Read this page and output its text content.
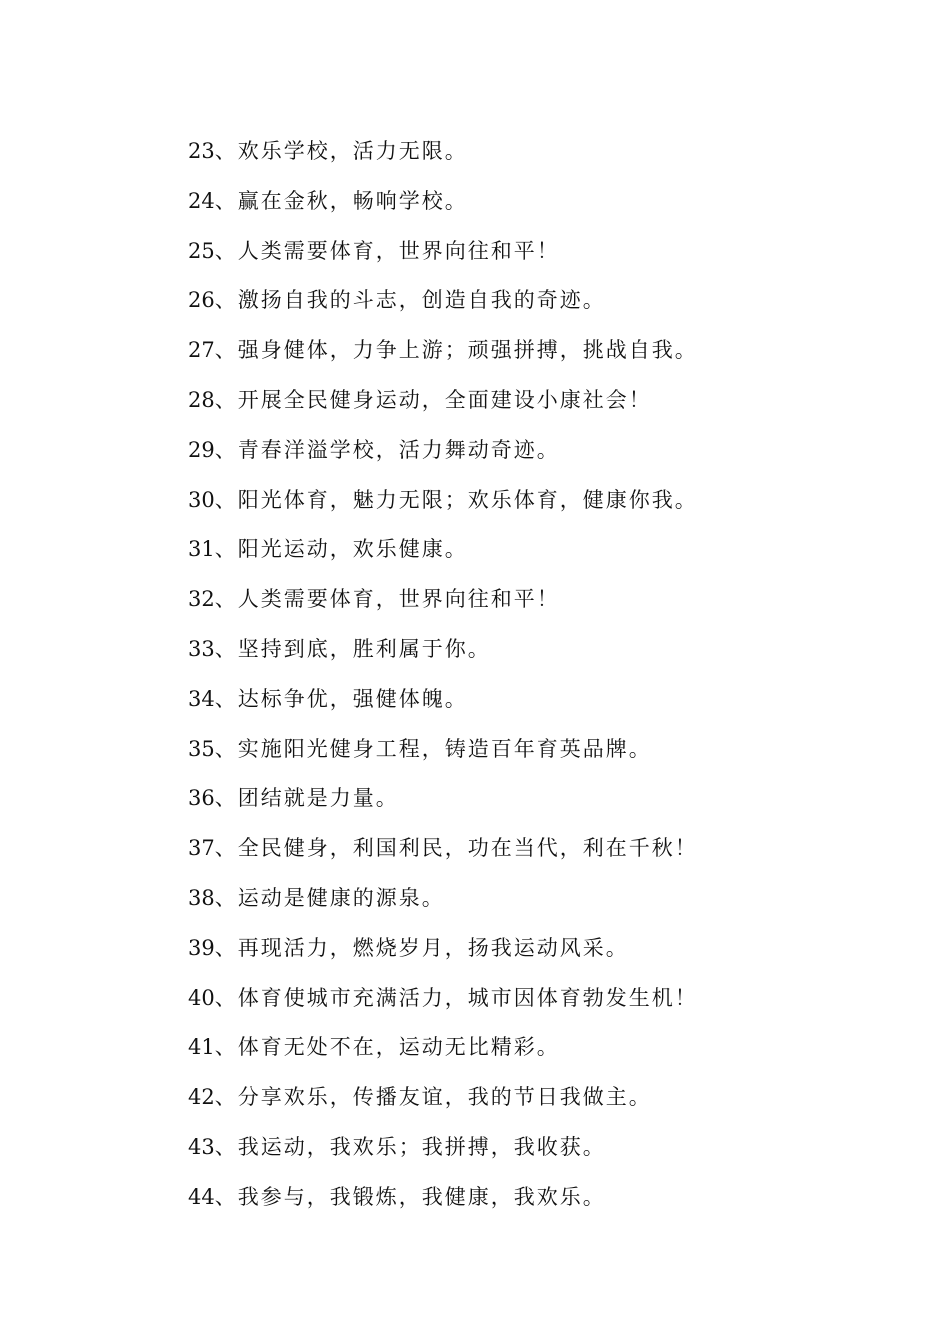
23、欢乐学校，活力无限。
24、赢在金秋，畅响学校。
25、人类需要体育，世界向往和平！
26、激扬自我的斗志，创造自我的奇迹。
27、强身健体，力争上游；顽强拼搏，挑战自我。
28、开展全民健身运动，全面建设小康社会！
29、青春洋溢学校，活力舞动奇迹。
30、阳光体育，魅力无限；欢乐体育，健康你我。
31、阳光运动，欢乐健康。
32、人类需要体育，世界向往和平！
33、坚持到底，胜利属于你。
34、达标争优，强健体魄。
35、实施阳光健身工程，铸造百年育英品牌。
36、团结就是力量。
37、全民健身，利国利民，功在当代，利在千秋！
38、运动是健康的源泉。
39、再现活力，燃烧岁月，扬我运动风采。
40、体育使城市充满活力，城市因体育勃发生机！
41、体育无处不在，运动无比精彩。
42、分享欢乐，传播友谊，我的节日我做主。
43、我运动，我欢乐；我拼搏，我收获。
44、我参与，我锻炼，我健康，我欢乐。
